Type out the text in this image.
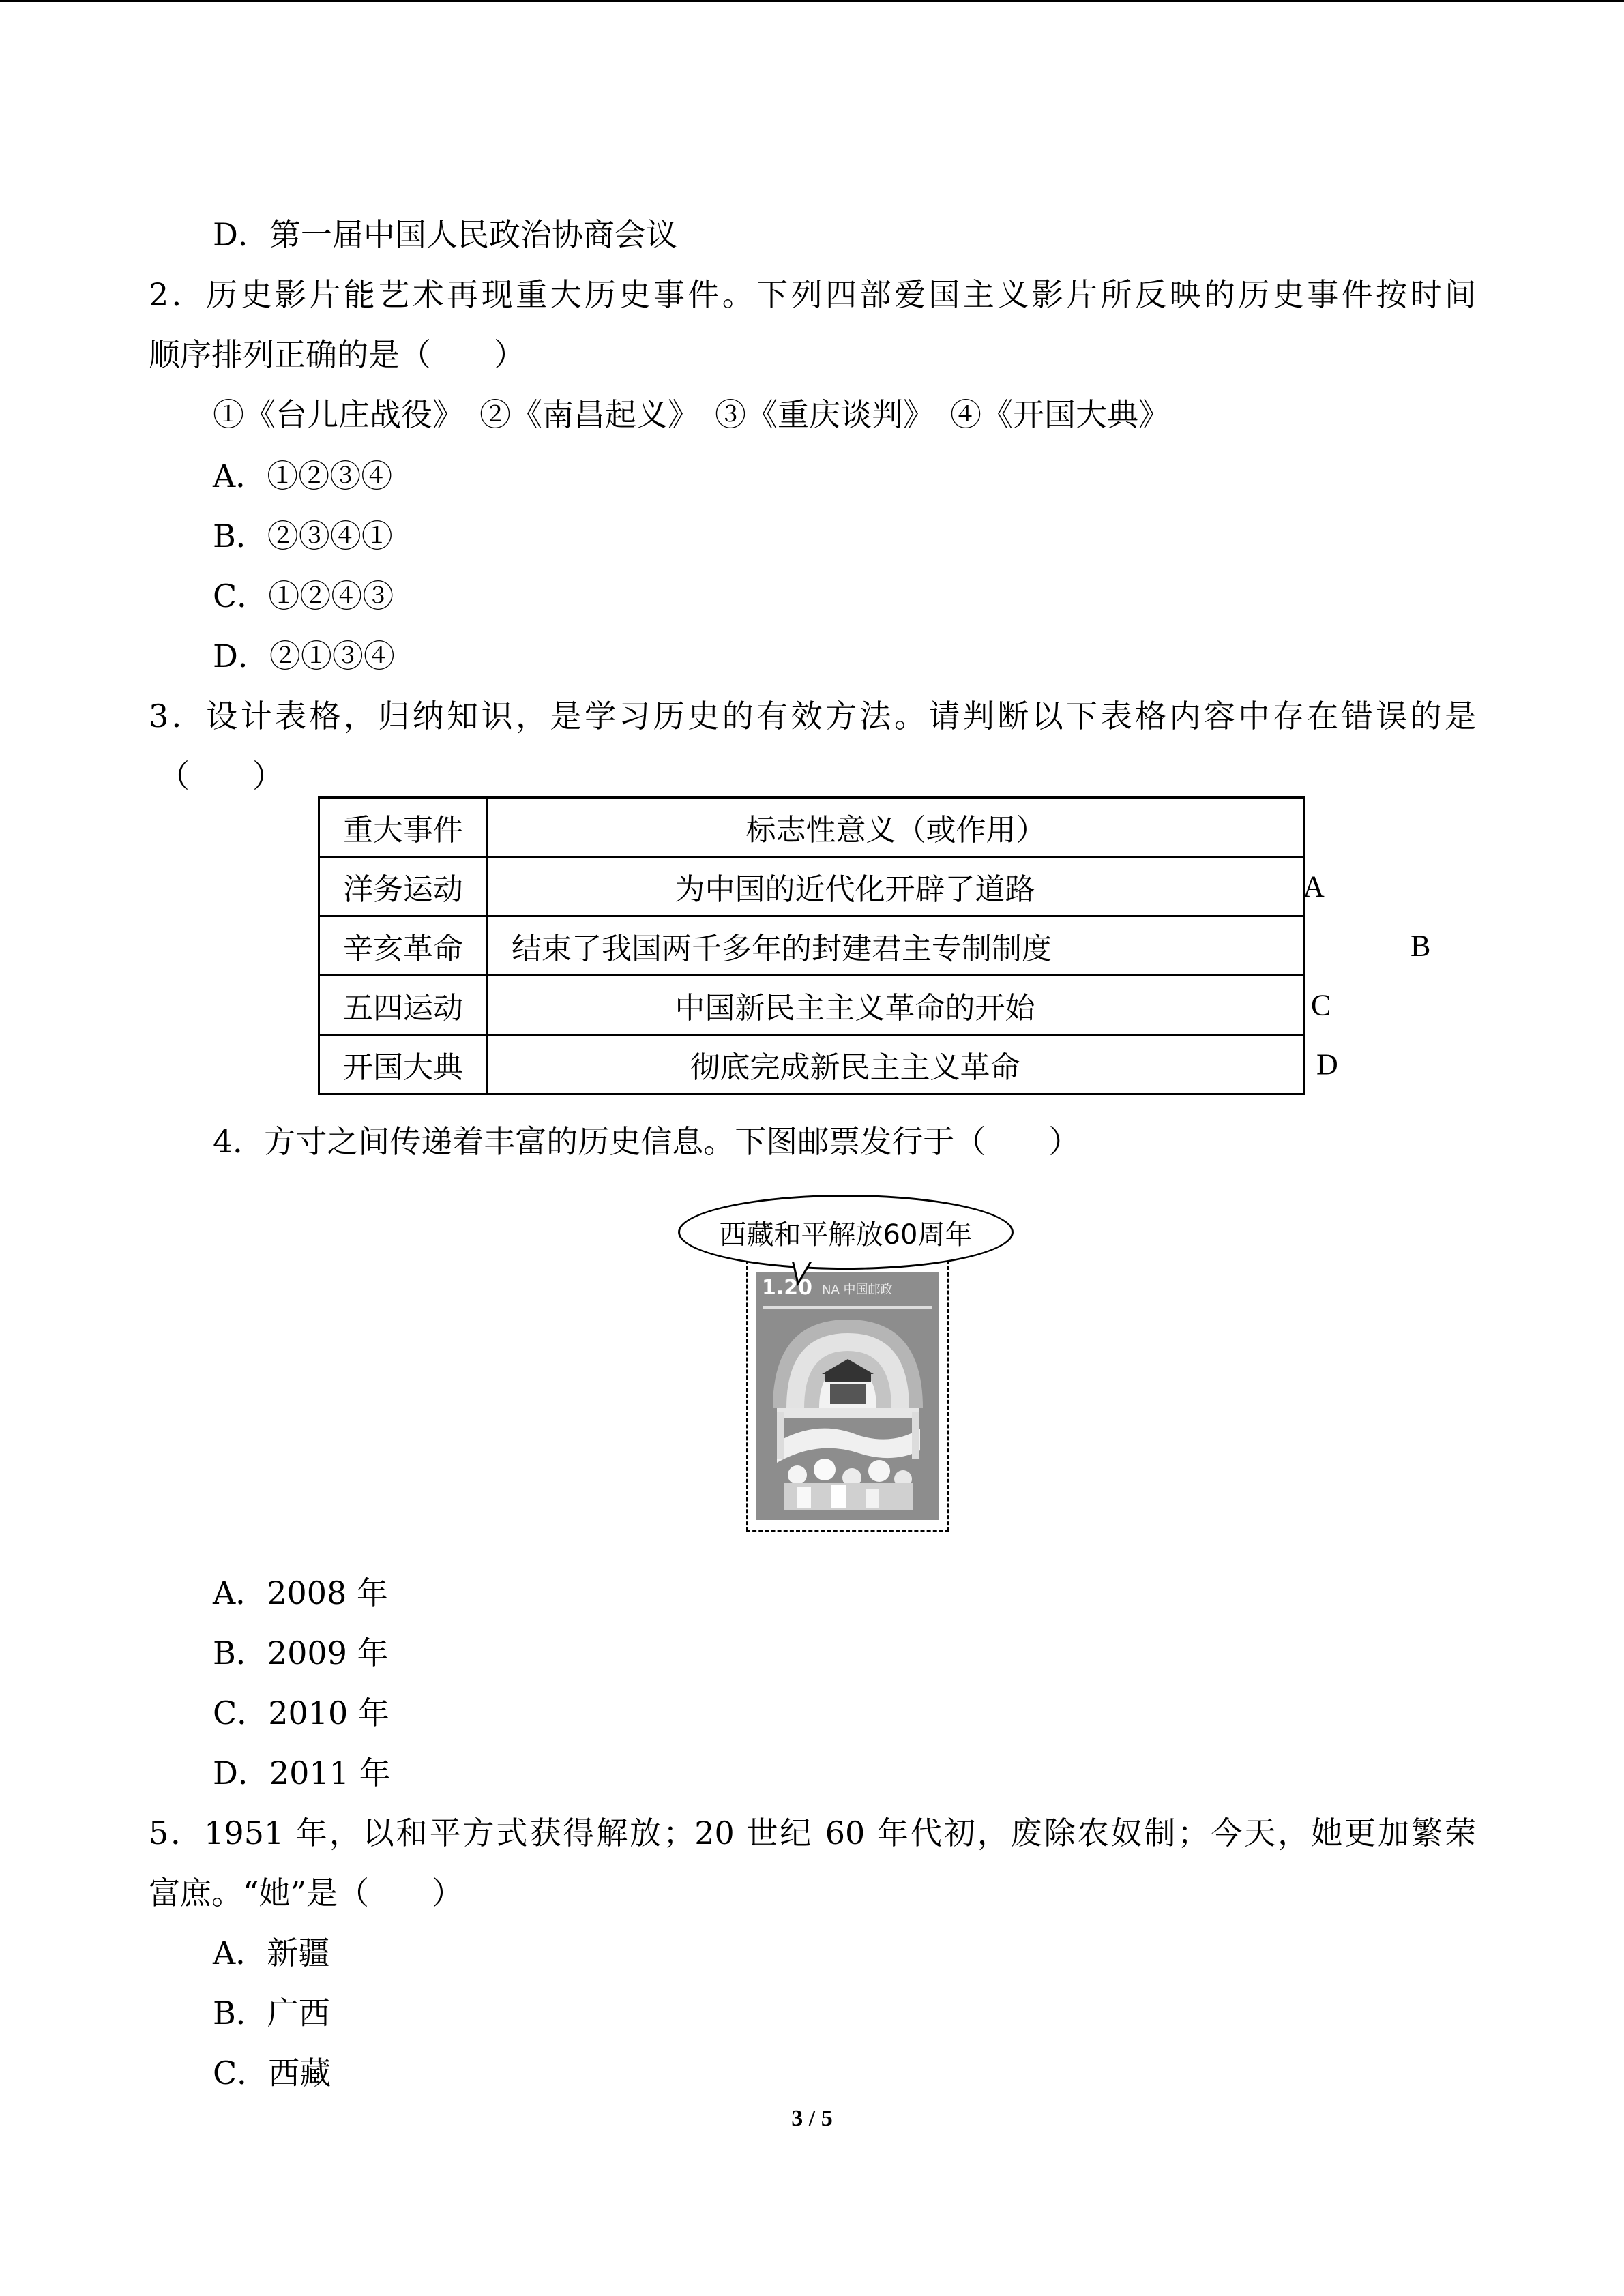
D．第一届中国人民政治协商会议
2．历史影片能艺术再现重大历史事件。下列四部爱国主义影片所反映的历史事件按时间
顺序排列正确的是（　　）
①《台儿庄战役》　②《南昌起义》　③《重庆谈判》　④《开国大典》
A．①②③④
B．②③④①
C．①②④③
D．②①③④
3．设计表格，归纳知识，是学习历史的有效方法。请判断以下表格内容中存在错误的是
（　　）
重大事件	标志性意义（或作用）

洋务运动	为中国的近代化开辟了道路 A

辛亥革命	结束了我国两千多年的封建君主专制制度 B

五四运动	中国新民主主义革命的开始 C

开国大典	彻底完成新民主主义革命 D
4．方寸之间传递着丰富的历史信息。下图邮票发行于（　　）
西藏和平解放60周年
1.20 NA 中国邮政
A．2008 年
B．2009 年
C．2010 年
D．2011 年
5．1951 年，以和平方式获得解放；20 世纪 60 年代初，废除农奴制；今天，她更加繁荣
富庶。“她”是（　　）
A．新疆
B．广西
C．西藏
3 / 5
